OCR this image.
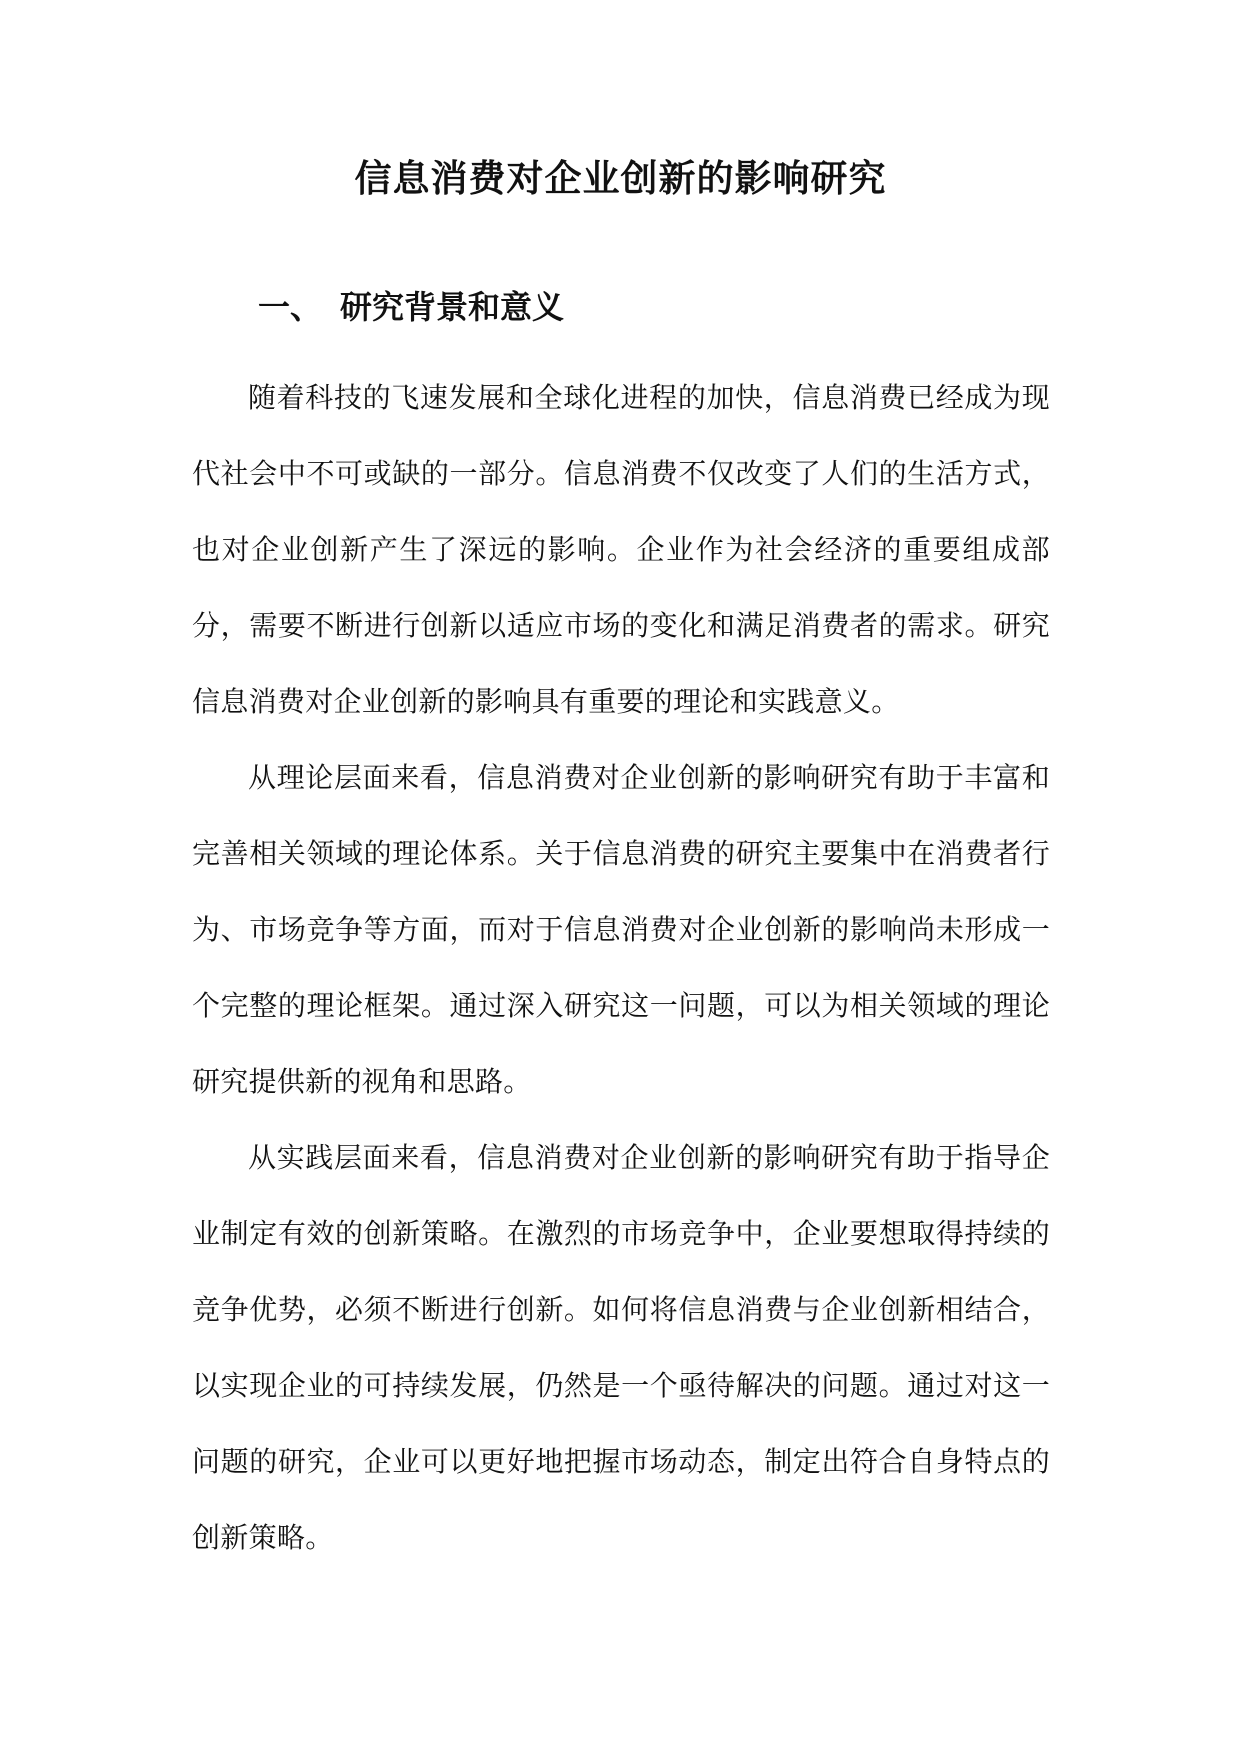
信息消费对企业创新的影响研究
一、 研究背景和意义

随着科技的飞速发展和全球化进程的加快，信息消费已经成为现代社会中不可或缺的一部分。信息消费不仅改变了人们的生活方式，也对企业创新产生了深远的影响。企业作为社会经济的重要组成部分，需要不断进行创新以适应市场的变化和满足消费者的需求。研究信息消费对企业创新的影响具有重要的理论和实践意义。

从理论层面来看，信息消费对企业创新的影响研究有助于丰富和完善相关领域的理论体系。关于信息消费的研究主要集中在消费者行为、市场竞争等方面，而对于信息消费对企业创新的影响尚未形成一个完整的理论框架。通过深入研究这一问题，可以为相关领域的理论研究提供新的视角和思路。

从实践层面来看，信息消费对企业创新的影响研究有助于指导企业制定有效的创新策略。在激烈的市场竞争中，企业要想取得持续的竞争优势，必须不断进行创新。如何将信息消费与企业创新相结合，以实现企业的可持续发展，仍然是一个亟待解决的问题。通过对这一问题的研究，企业可以更好地把握市场动态，制定出符合自身特点的创新策略。
